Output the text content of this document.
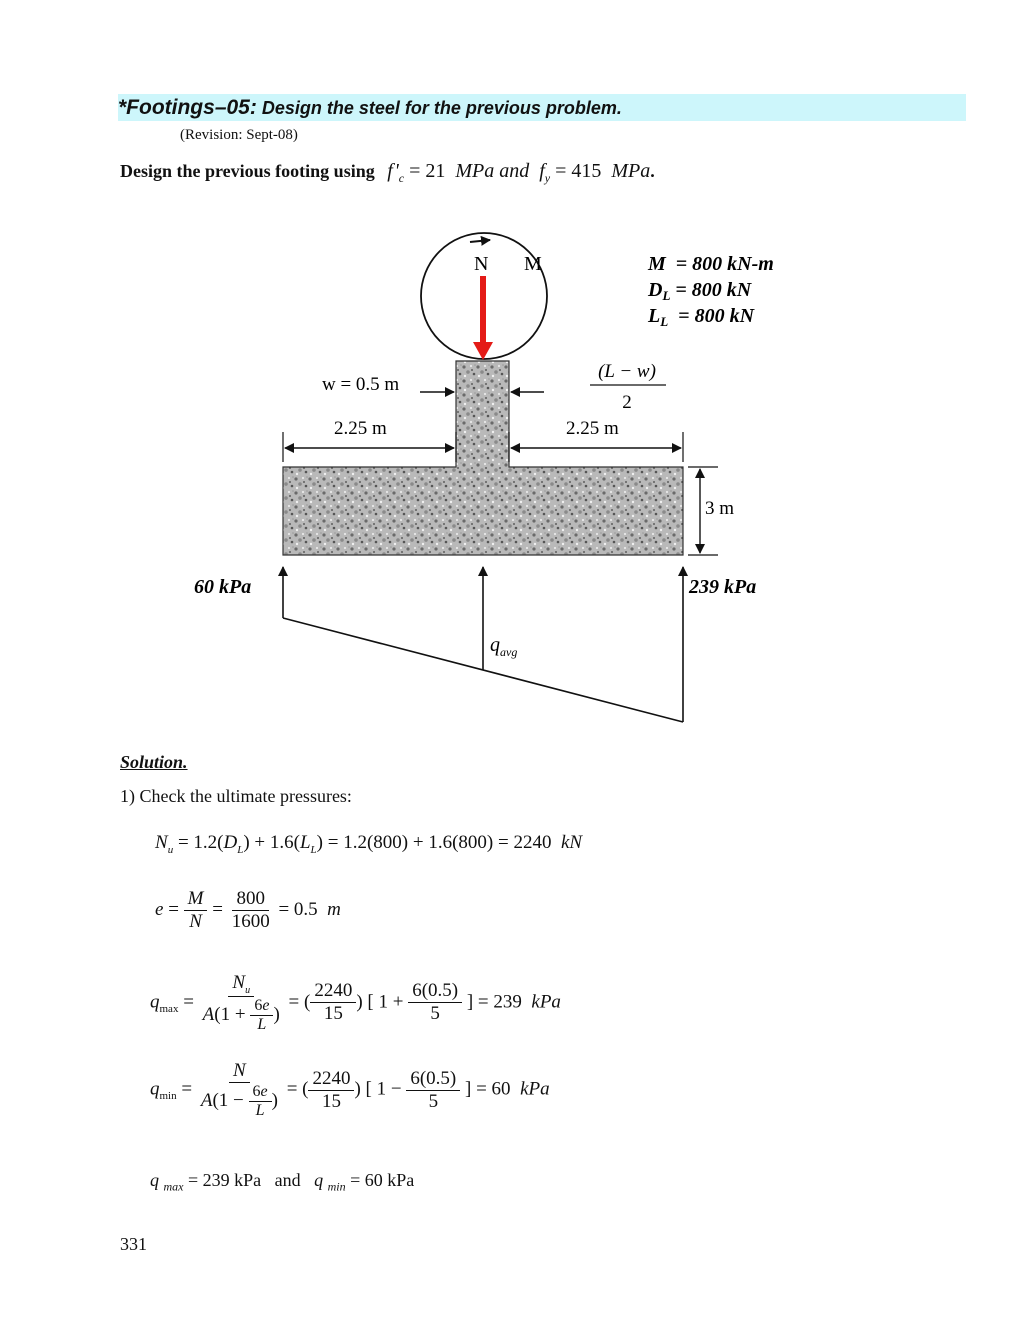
*Footings–05: Design the steel for the previous problem.
(Revision: Sept-08)
Design the previous footing using f '$_c = 21$  MPa and  $f_y = 415$  MPa.
N M	M  = 800 kN-m
$D_L = 800$ kN
$L_L = 800$ kN
w = 0.5 m
(L − w)
2
2.25 m	2.25 m
3 m
60 kPa	239 kPa
$q_{avg}$
Solution.
1) Check the ultimate pressures:
$N_u = 1.2(D_L) + 1.6(L_L) = 1.2(800) + 1.6(800) = 2240$  kN
$e = \frac{M}{N} = \frac{800}{1600} = 0.5$  m
$q_{max} = \frac{N_u}{A(1 + \frac{6e}{L} )}$ = ( $\frac{2240}{15}$ ) [ $1 + \frac{6(0.5)}{5}$ ] = 239  kPa
$q_{min} = \frac{N}{A(1 - \frac{6e}{L} )}$ = ( $\frac{2240}{15}$ ) [ $1 - \frac{6(0.5)}{5}$ ] = 60  kPa
q $_{max}$ = 239 kPa   and   q $_{min}$ = 60 kPa
331
